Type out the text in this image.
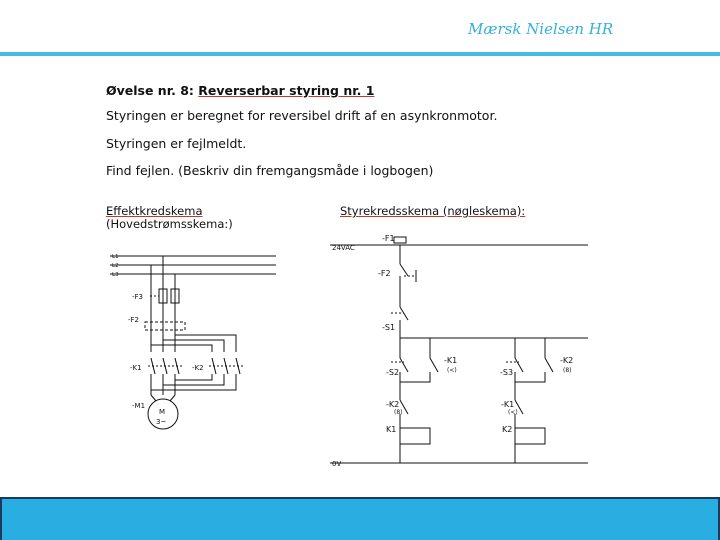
Mærsk Nielsen HR
Øvelse nr. 8: Reverserbar styring nr. 1
Styringen er beregnet for reversibel drift af en asynkronmotor.
Styringen er fejlmeldt.
Find fejlen. (Beskriv din fremgangsmåde i logbogen)
Effektkredskema
(Hovedstrømsskema:)
Styrekredsskema (nøgleskema):
L1
L2
L3
-F3
-F2
-K1	-K2
-M1
M
3~
24VAC
0V
-F1
-F2
-S1
-S2
-K1
(<)
-K2
(8)
K1
-S3
-K2
(8)
-K1
(<)
K2
